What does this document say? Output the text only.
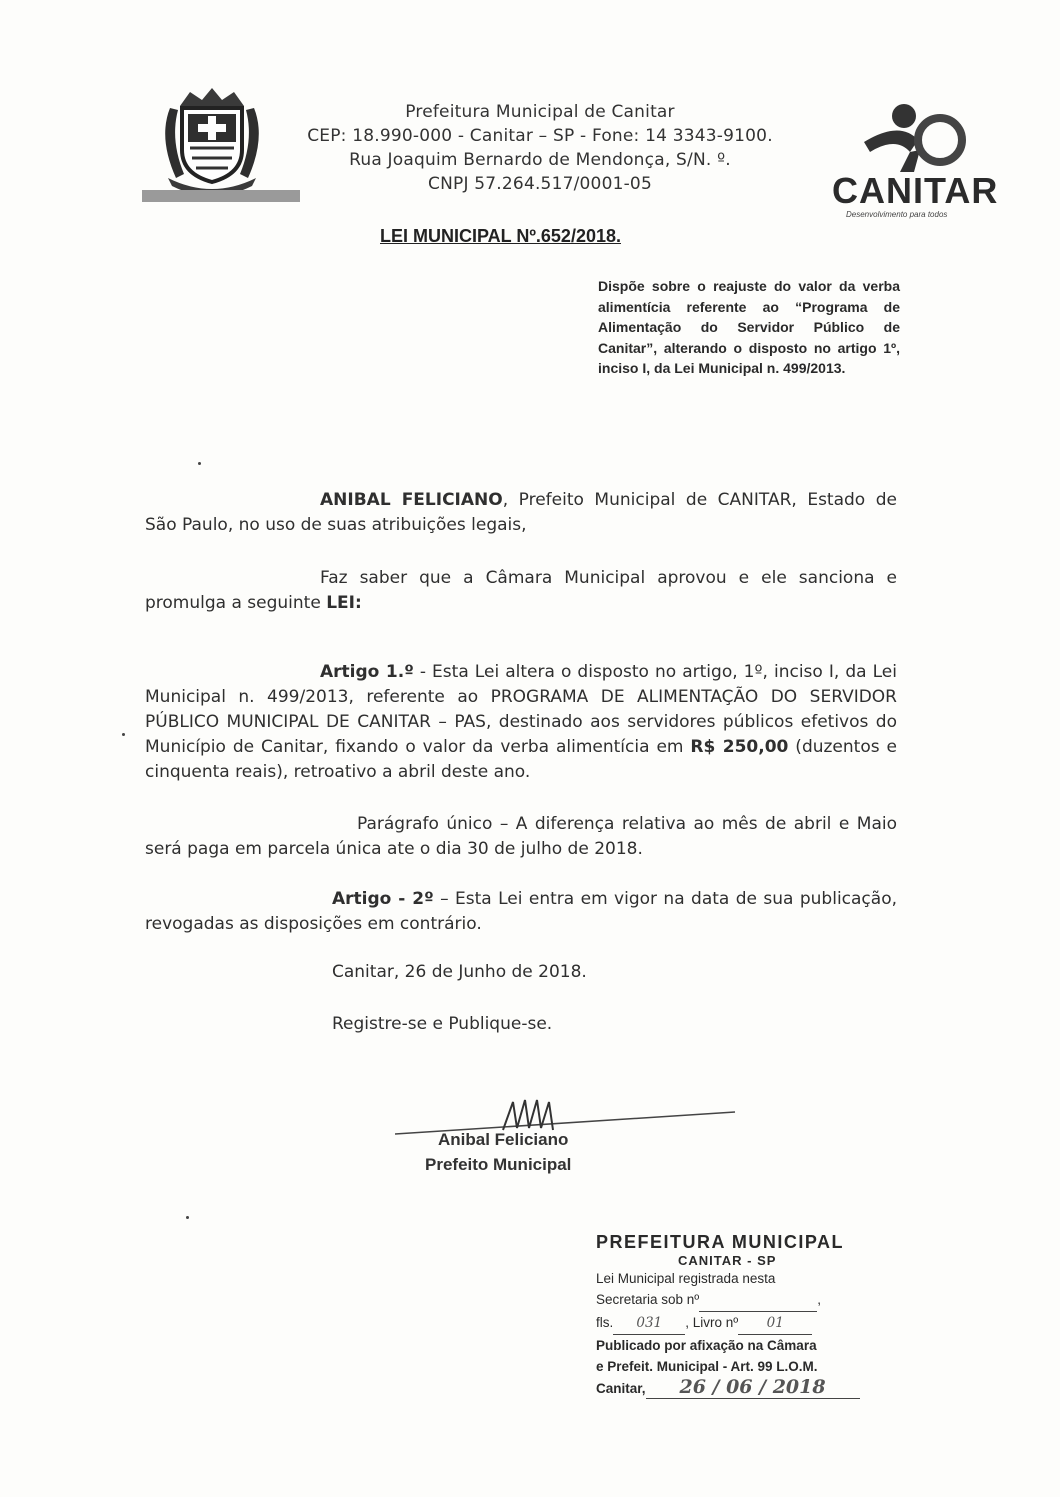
Prefeitura Municipal de Canitar
CEP: 18.990-000 - Canitar – SP - Fone: 14 3343-9100.
Rua Joaquim Bernardo de Mendonça, S/N. º.
CNPJ 57.264.517/0001-05	CANITAR
Desenvolvimento para todos
LEI MUNICIPAL Nº.652/2018.
Dispõe sobre o reajuste do valor da verba alimentícia referente ao “Programa de Alimentação do Servidor Público de Canitar”, alterando o disposto no artigo 1º, inciso I, da Lei Municipal n. 499/2013.
ANIBAL FELICIANO, Prefeito Municipal de CANITAR, Estado de São Paulo, no uso de suas atribuições legais,
Faz saber que a Câmara Municipal aprovou e ele sanciona e promulga a seguinte LEI:
Artigo 1.º - Esta Lei altera o disposto no artigo, 1º, inciso I, da Lei Municipal n. 499/2013, referente ao PROGRAMA DE ALIMENTAÇÃO DO SERVIDOR PÚBLICO MUNICIPAL DE CANITAR – PAS, destinado aos servidores públicos efetivos do Município de Canitar, fixando o valor da verba alimentícia em R$ 250,00 (duzentos e cinquenta reais), retroativo a abril deste ano.
Parágrafo único – A diferença relativa ao mês de abril e Maio será paga em parcela única ate o dia 30 de julho de 2018.
Artigo - 2º – Esta Lei entra em vigor na data de sua publicação, revogadas as disposições em contrário.
Canitar, 26 de Junho de 2018.
Registre-se e Publique-se.
Anibal Feliciano
Prefeito Municipal
PREFEITURA MUNICIPAL
CANITAR - SP
Lei Municipal registrada nesta
Secretaria sob nº	,
fls. 031 , Livro nº 01
Publicado por afixação na Câmara
e Prefeit. Municipal - Art. 99 L.O.M.
Canitar, 26 / 06 / 2018
